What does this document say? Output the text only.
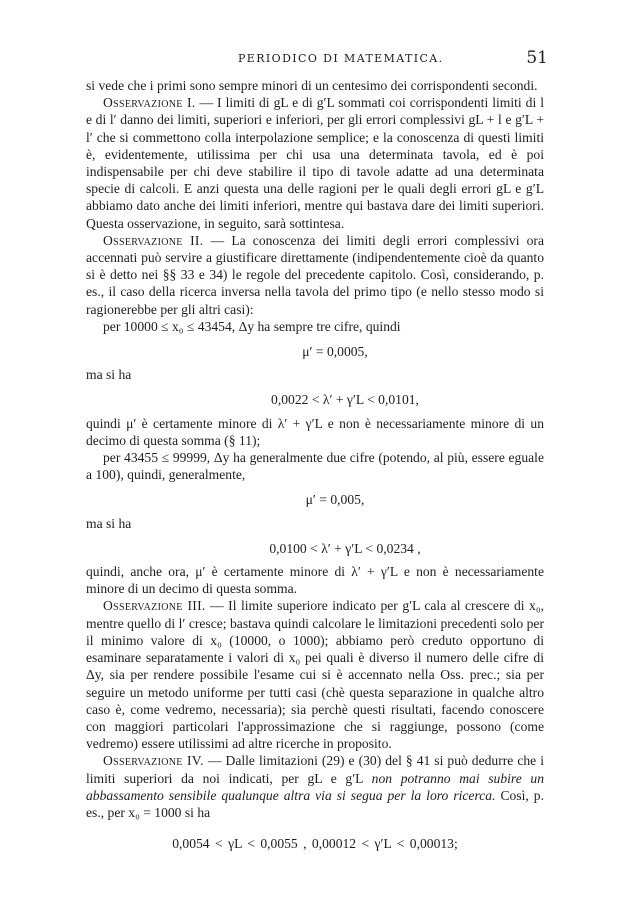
PERIODICO DI MATEMATICA.	51

si vede che i primi sono sempre minori di un centesimo dei corrispondenti secondi.

Osservazione I. — I limiti di gL e di g′L sommati coi corrispondenti limiti di l e di l′ danno dei limiti, superiori e inferiori, per gli errori complessivi gL + l e g′L + l′ che si commettono colla interpolazione semplice; e la conoscenza di questi limiti è, evidentemente, utilissima per chi usa una determinata tavola, ed è poi indispensabile per chi deve stabilire il tipo di tavole adatte ad una determinata specie di calcoli. E anzi questa una delle ragioni per le quali degli errori gL e g′L abbiamo dato anche dei limiti inferiori, mentre qui bastava dare dei limiti superiori. Questa osservazione, in seguito, sarà sottintesa.

Osservazione II. — La conoscenza dei limiti degli errori complessivi ora accennati può servire a giustificare direttamente (indipendentemente cioè da quanto si è detto nei §§ 33 e 34) le regole del precedente capitolo. Così, considerando, p. es., il caso della ricerca inversa nella tavola del primo tipo (e nello stesso modo si ragionerebbe per gli altri casi):

per 10000 ≤ x₀ ≤ 43454, Δy ha sempre tre cifre, quindi

μ′ = 0,0005,
ma si ha
0,0022 < λ′ + γ′L < 0,0101,

quindi μ′ è certamente minore di λ′ + γ′L e non è necessariamente minore di un decimo di questa somma (§ 11);

per 43455 ≤ 99999, Δy ha generalmente due cifre (potendo, al più, essere eguale a 100), quindi, generalmente,

μ′ = 0,005,
ma si ha
0,0100 < λ′ + γ′L < 0,0234 ,

quindi, anche ora, μ′ è certamente minore di λ′ + γ′L e non è necessariamente minore di un decimo di questa somma.

Osservazione III. — Il limite superiore indicato per g′L cala al crescere di x₀, mentre quello di l′ cresce; bastava quindi calcolare le limitazioni precedenti solo per il minimo valore di x₀ (10000, o 1000); abbiamo però creduto opportuno di esaminare separatamente i valori di x₀ pei quali è diverso il numero delle cifre di Δy, sia per rendere possibile l'esame cui si è accennato nella Oss. prec.; sia per seguire un metodo uniforme per tutti casi (chè questa separazione in qualche altro caso è, come vedremo, necessaria); sia perchè questi risultati, facendo conoscere con maggiori particolari l'approssimazione che si raggiunge, possono (come vedremo) essere utilissimi ad altre ricerche in proposito.

Osservazione IV. — Dalle limitazioni (29) e (30) del § 41 si può dedurre che i limiti superiori da noi indicati, per gL e g′L non potranno mai subire un abbassamento sensibile qualunque altra via si segua per la loro ricerca. Così, p. es., per x₀ = 1000 si ha

0,0054 < γL < 0,0055 , 0,00012 < γ′L < 0,00013;
